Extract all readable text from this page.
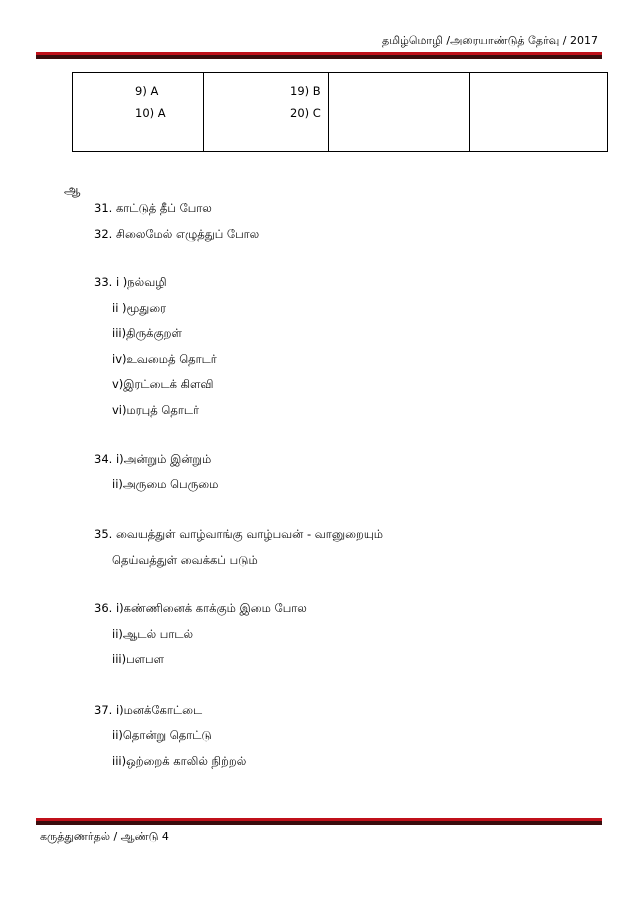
தமிழ்மொழி /அரையாண்டுத் தேர்வு / 2017
9) A
10) A

19) B
20) C

ஆ
31. காட்டுத் தீப் போல
32. சிலைமேல் எழுத்துப் போல
33. i )நல்வழி
ii )மூதுரை
iii)திருக்குறள்
iv)உவமைத் தொடர்
v)இரட்டைக் கிளவி
vi)மரபுத் தொடர்
34. i)அன்றும் இன்றும்
ii)அருமை பெருமை
35. வையத்துள் வாழ்வாங்கு வாழ்பவன் - வானுறையும்
தெய்வத்துள் வைக்கப் படும்
36. i)கண்ணினைக் காக்கும் இமை போல
ii)ஆடல் பாடல்
iii)பளபள
37. i)மனக்கோட்டை
ii)தொன்று தொட்டு
iii)ஒற்றைக் காலில் நிற்றல்
கருத்துணர்தல் / ஆண்டு 4
